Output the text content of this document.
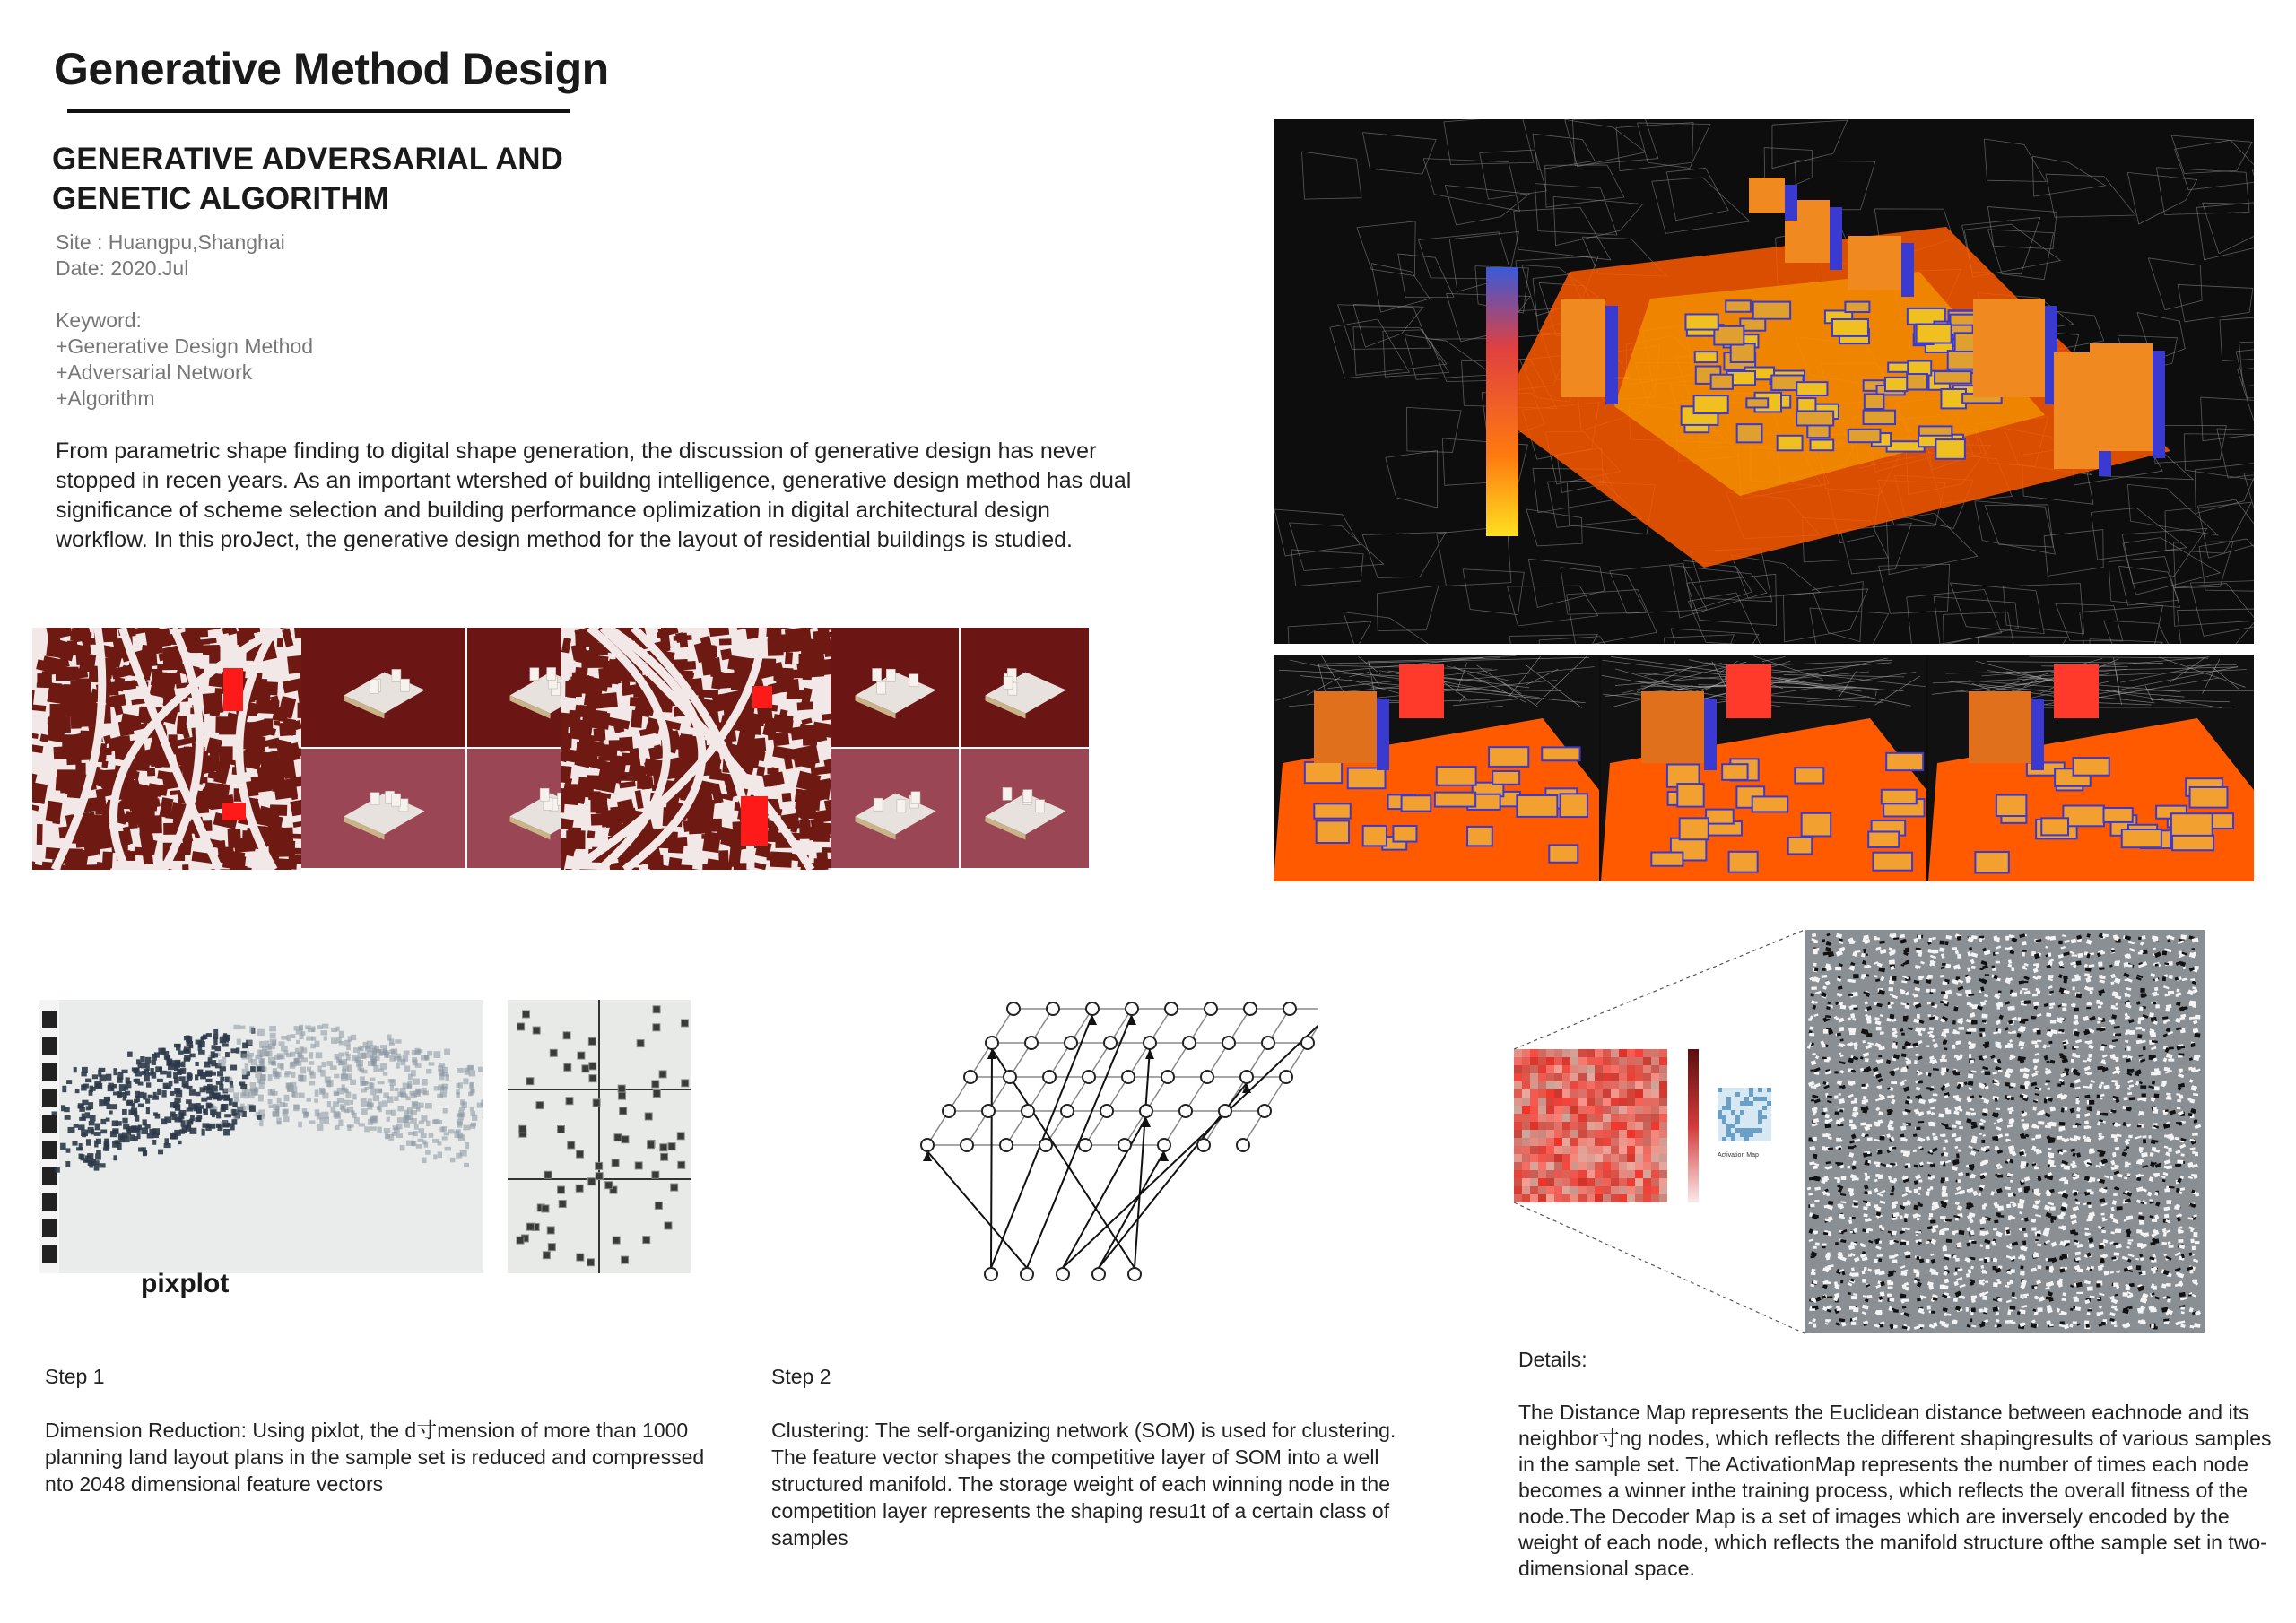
Generative Method Design
GENERATIVE ADVERSARIAL AND
GENETIC ALGORITHM
Site : Huangpu,Shanghai
Date: 2020.Jul
Keyword:
+Generative Design Method
+Adversarial Network
+Algorithm
From parametric shape finding to digital shape generation, the discussion of generative design has never stopped in recen years. As an important wtershed of buildng intelligence, generative design method has dual significance of scheme selection and building performance oplimization in digital architectural design workflow. In this proJect, the generative design method for the layout of residential buildings is studied.
pixplot
Activation Map
Step 1
Dimension Reduction: Using pixlot, the d寸mension of more than 1000 planning land layout plans in the sample set is reduced and compressed nto 2048 dimensional feature vectors
Step 2
Clustering: The self-organizing network (SOM) is used for clustering. The feature vector shapes the competitive layer of SOM into a well structured manifold. The storage weight of each winning node in the competition layer represents the shaping resu1t of a certain class of samples
Details:
The Distance Map represents the Euclidean distance between eachnode and its neighbor寸ng nodes, which reflects the different shapingresults of various samples in the sample set. The ActivationMap represents the number of times each node becomes a winner inthe training process, which reflects the overall fitness of the node.The Decoder Map is a set of images which are inversely encoded by the weight of each node, which reflects the manifold structure ofthe sample set in two-dimensional space.
